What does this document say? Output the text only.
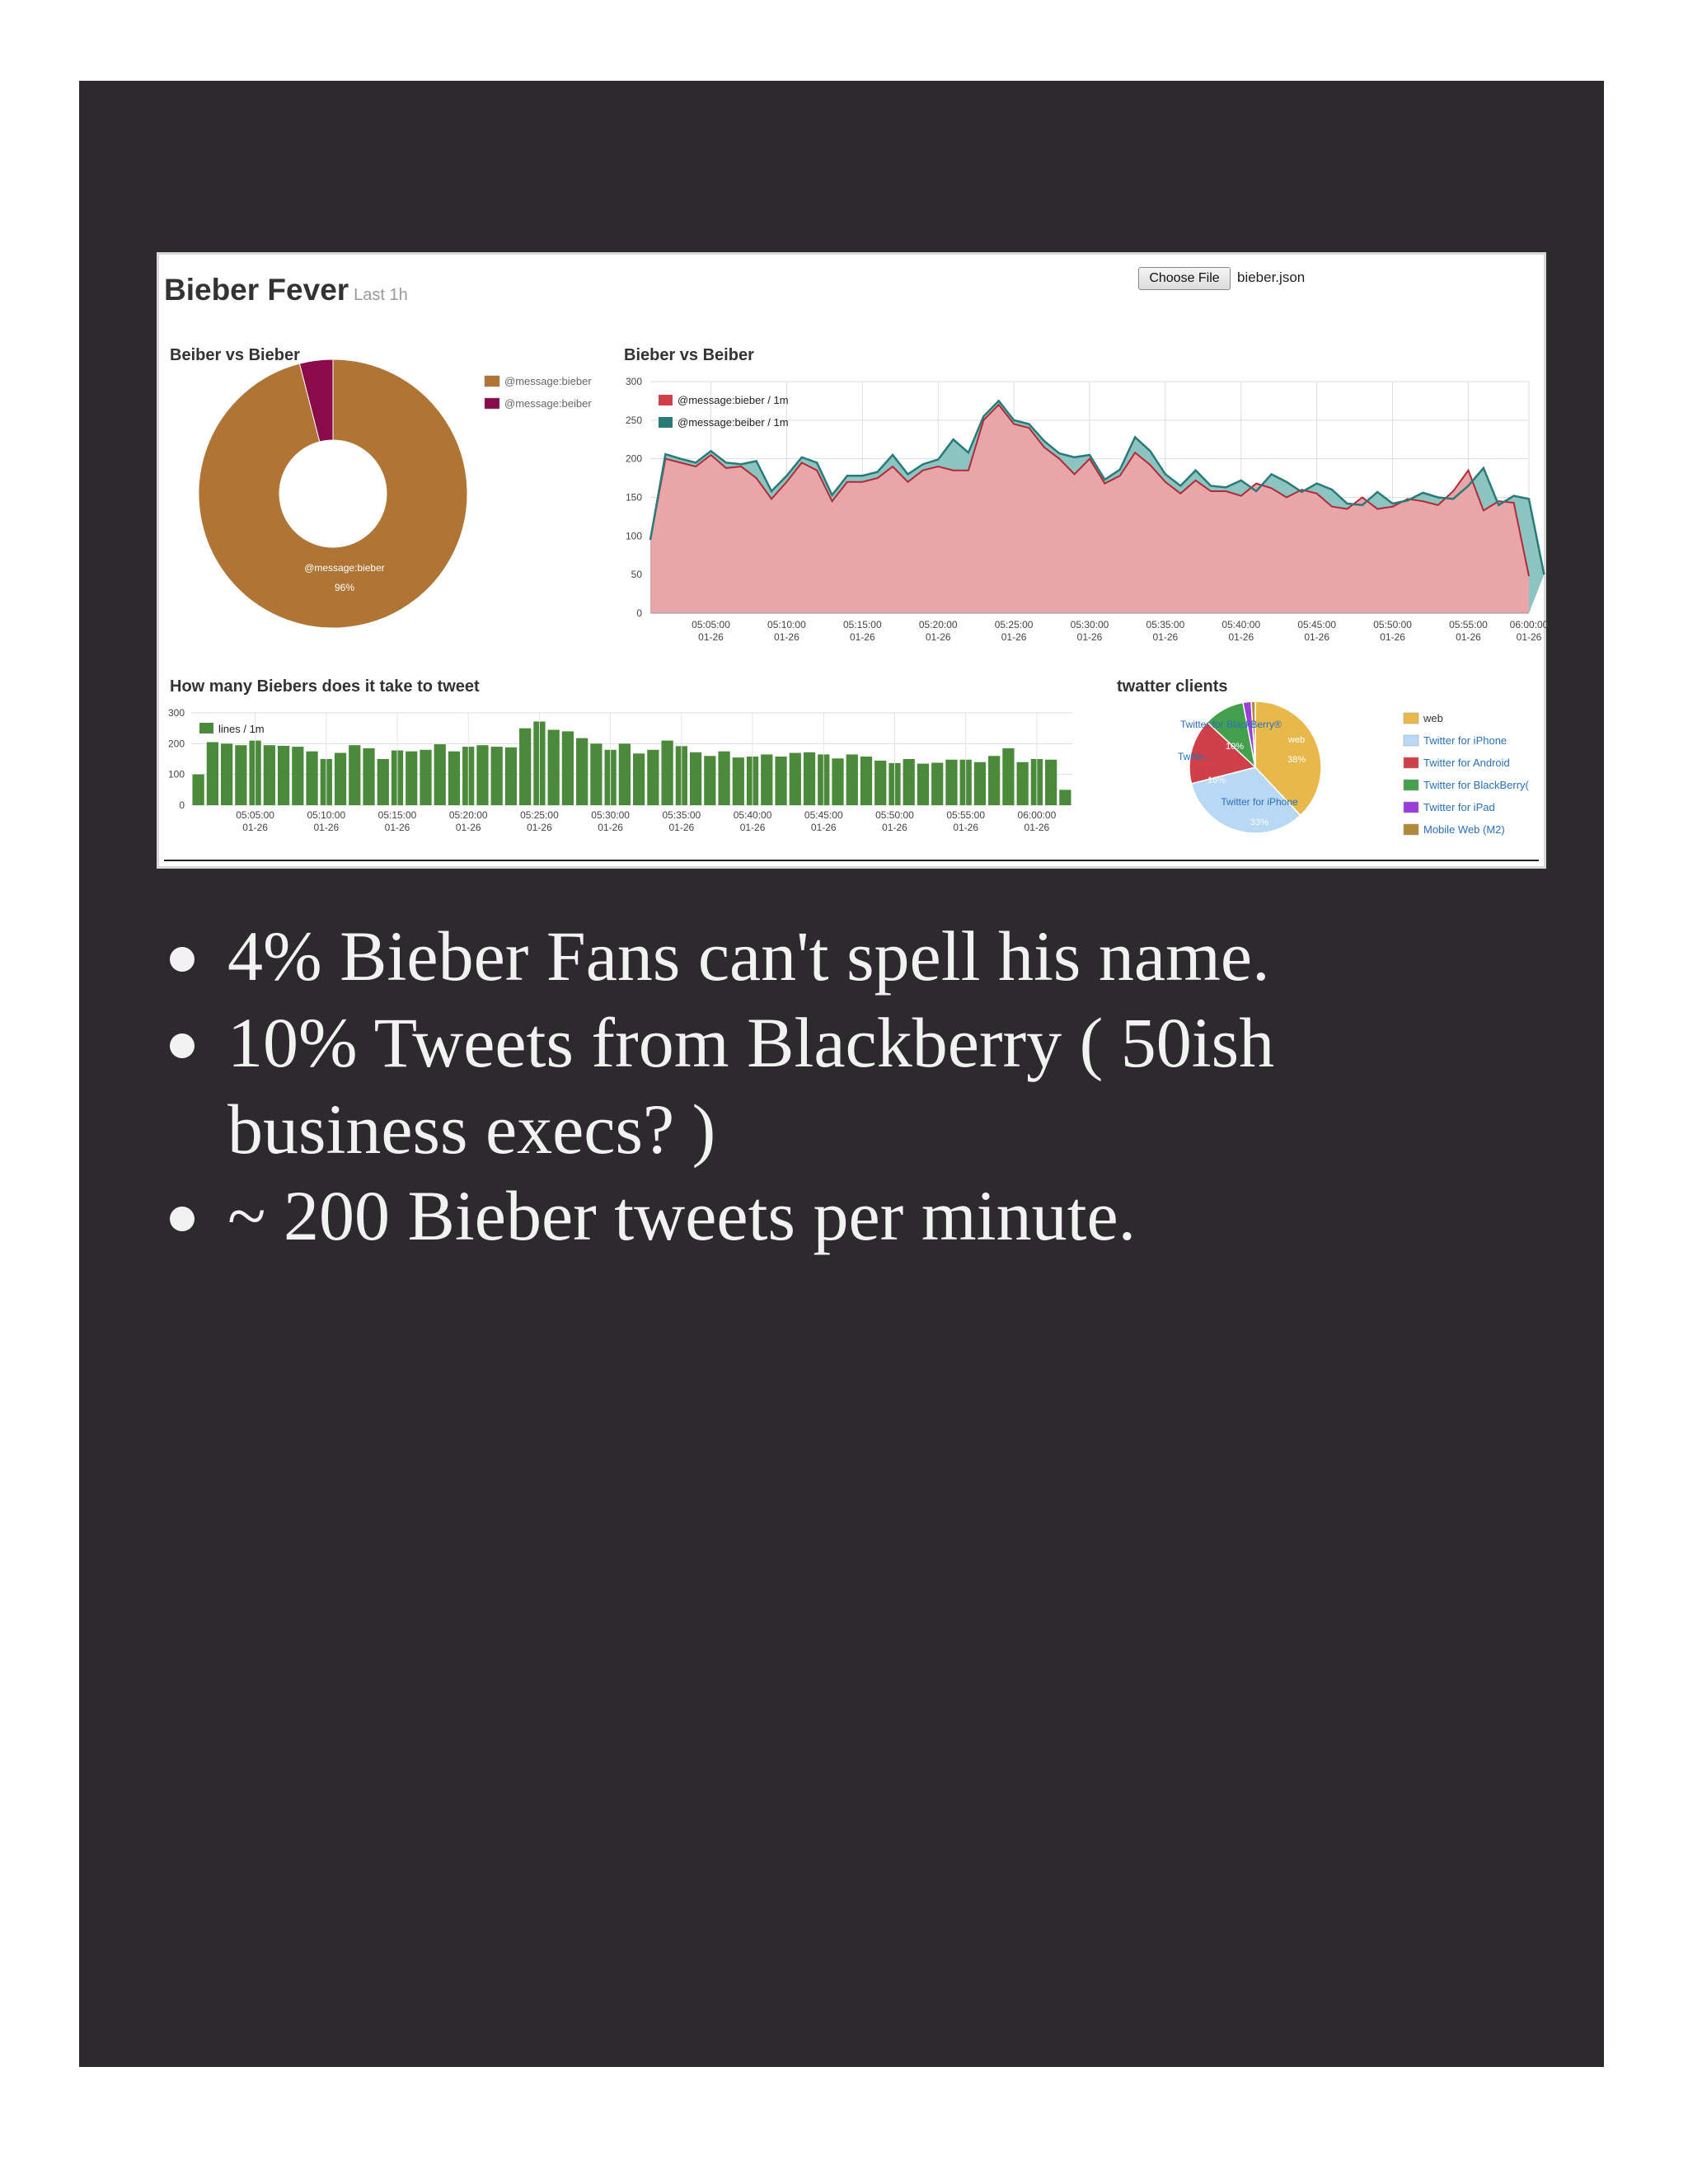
Bieber Fever Last 1h
Choose File	bieber.json
Beiber vs Bieber
@message:bieber
96%
@message:bieber
@message:beiber
Bieber vs Beiber
0
50
100
150
200
250
300
05:05:00
01-26
05:10:00
01-26
05:15:00
01-26
05:20:00
01-26
05:25:00
01-26
05:30:00
01-26
05:35:00
01-26
05:40:00
01-26
05:45:00
01-26
05:50:00
01-26
05:55:00
01-26
06:00:00
01-26
@message:bieber / 1m
@message:beiber / 1m
How many Biebers does it take to tweet
0
100
200
300
05:05:00
01-26
05:10:00
01-26
05:15:00
01-26
05:20:00
01-26
05:25:00
01-26
05:30:00
01-26
05:35:00
01-26
05:40:00
01-26
05:45:00
01-26
05:50:00
01-26
05:55:00
01-26
06:00:00
01-26
lines / 1m
twatter clients
web
38%
Twitter for iPhone
33%
16%
10%
Twitter for BlackBerry®
Twitte...
web
Twitter for iPhone
Twitter for Android
Twitter for BlackBerry(
Twitter for iPad
Mobile Web (M2)
4% Bieber Fans can't spell his name.
10% Tweets from Blackberry ( 50ish business execs? )
~ 200 Bieber tweets per minute.
